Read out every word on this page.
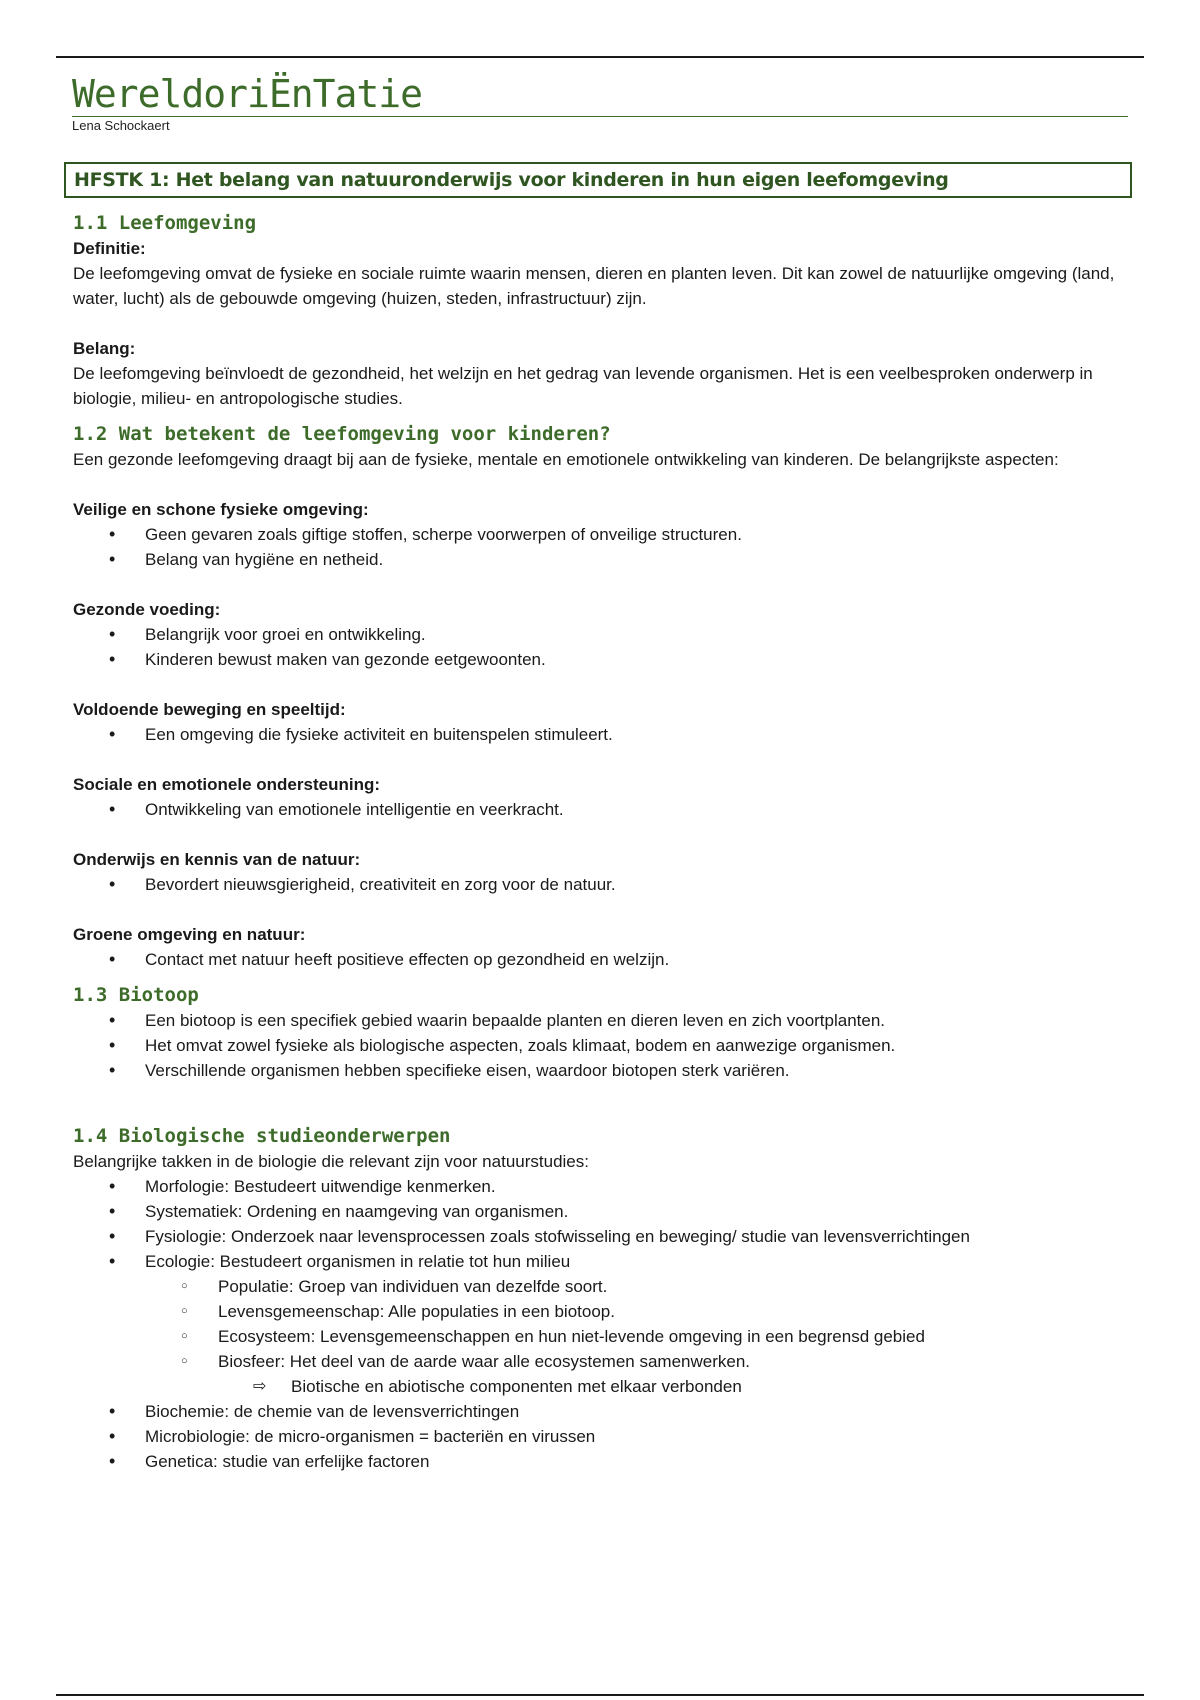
WereldoriËnTatie
Lena Schockaert
HFSTK 1: Het belang van natuuronderwijs voor kinderen in hun eigen leefomgeving

1.1 Leefomgeving

Definitie:

De leefomgeving omvat de fysieke en sociale ruimte waarin mensen, dieren en planten leven. Dit kan zowel de natuurlijke omgeving (land, water, lucht) als de gebouwde omgeving (huizen, steden, infrastructuur) zijn.

Belang:

De leefomgeving beïnvloedt de gezondheid, het welzijn en het gedrag van levende organismen. Het is een veelbesproken onderwerp in biologie, milieu- en antropologische studies.

1.2 Wat betekent de leefomgeving voor kinderen?

Een gezonde leefomgeving draagt bij aan de fysieke, mentale en emotionele ontwikkeling van kinderen. De belangrijkste aspecten:

Veilige en schone fysieke omgeving:

• Geen gevaren zoals giftige stoffen, scherpe voorwerpen of onveilige structuren.
• Belang van hygiëne en netheid.

Gezonde voeding:

• Belangrijk voor groei en ontwikkeling.
• Kinderen bewust maken van gezonde eetgewoonten.

Voldoende beweging en speeltijd:

• Een omgeving die fysieke activiteit en buitenspelen stimuleert.

Sociale en emotionele ondersteuning:

• Ontwikkeling van emotionele intelligentie en veerkracht.

Onderwijs en kennis van de natuur:

• Bevordert nieuwsgierigheid, creativiteit en zorg voor de natuur.

Groene omgeving en natuur:

• Contact met natuur heeft positieve effecten op gezondheid en welzijn.

1.3 Biotoop

• Een biotoop is een specifiek gebied waarin bepaalde planten en dieren leven en zich voortplanten.
• Het omvat zowel fysieke als biologische aspecten, zoals klimaat, bodem en aanwezige organismen.
• Verschillende organismen hebben specifieke eisen, waardoor biotopen sterk variëren.

1.4 Biologische studieonderwerpen

Belangrijke takken in de biologie die relevant zijn voor natuurstudies:

• Morfologie: Bestudeert uitwendige kenmerken.
• Systematiek: Ordening en naamgeving van organismen.
• Fysiologie: Onderzoek naar levensprocessen zoals stofwisseling en beweging/ studie van levensverrichtingen
• Ecologie: Bestudeert organismen in relatie tot hun milieu
○ Populatie: Groep van individuen van dezelfde soort.
○ Levensgemeenschap: Alle populaties in een biotoop.
○ Ecosysteem: Levensgemeenschappen en hun niet-levende omgeving in een begrensd gebied
○ Biosfeer: Het deel van de aarde waar alle ecosystemen samenwerken.
⇨ Biotische en abiotische componenten met elkaar verbonden
• Biochemie: de chemie van de levensverrichtingen
• Microbiologie: de micro-organismen = bacteriën en virussen
• Genetica: studie van erfelijke factoren
